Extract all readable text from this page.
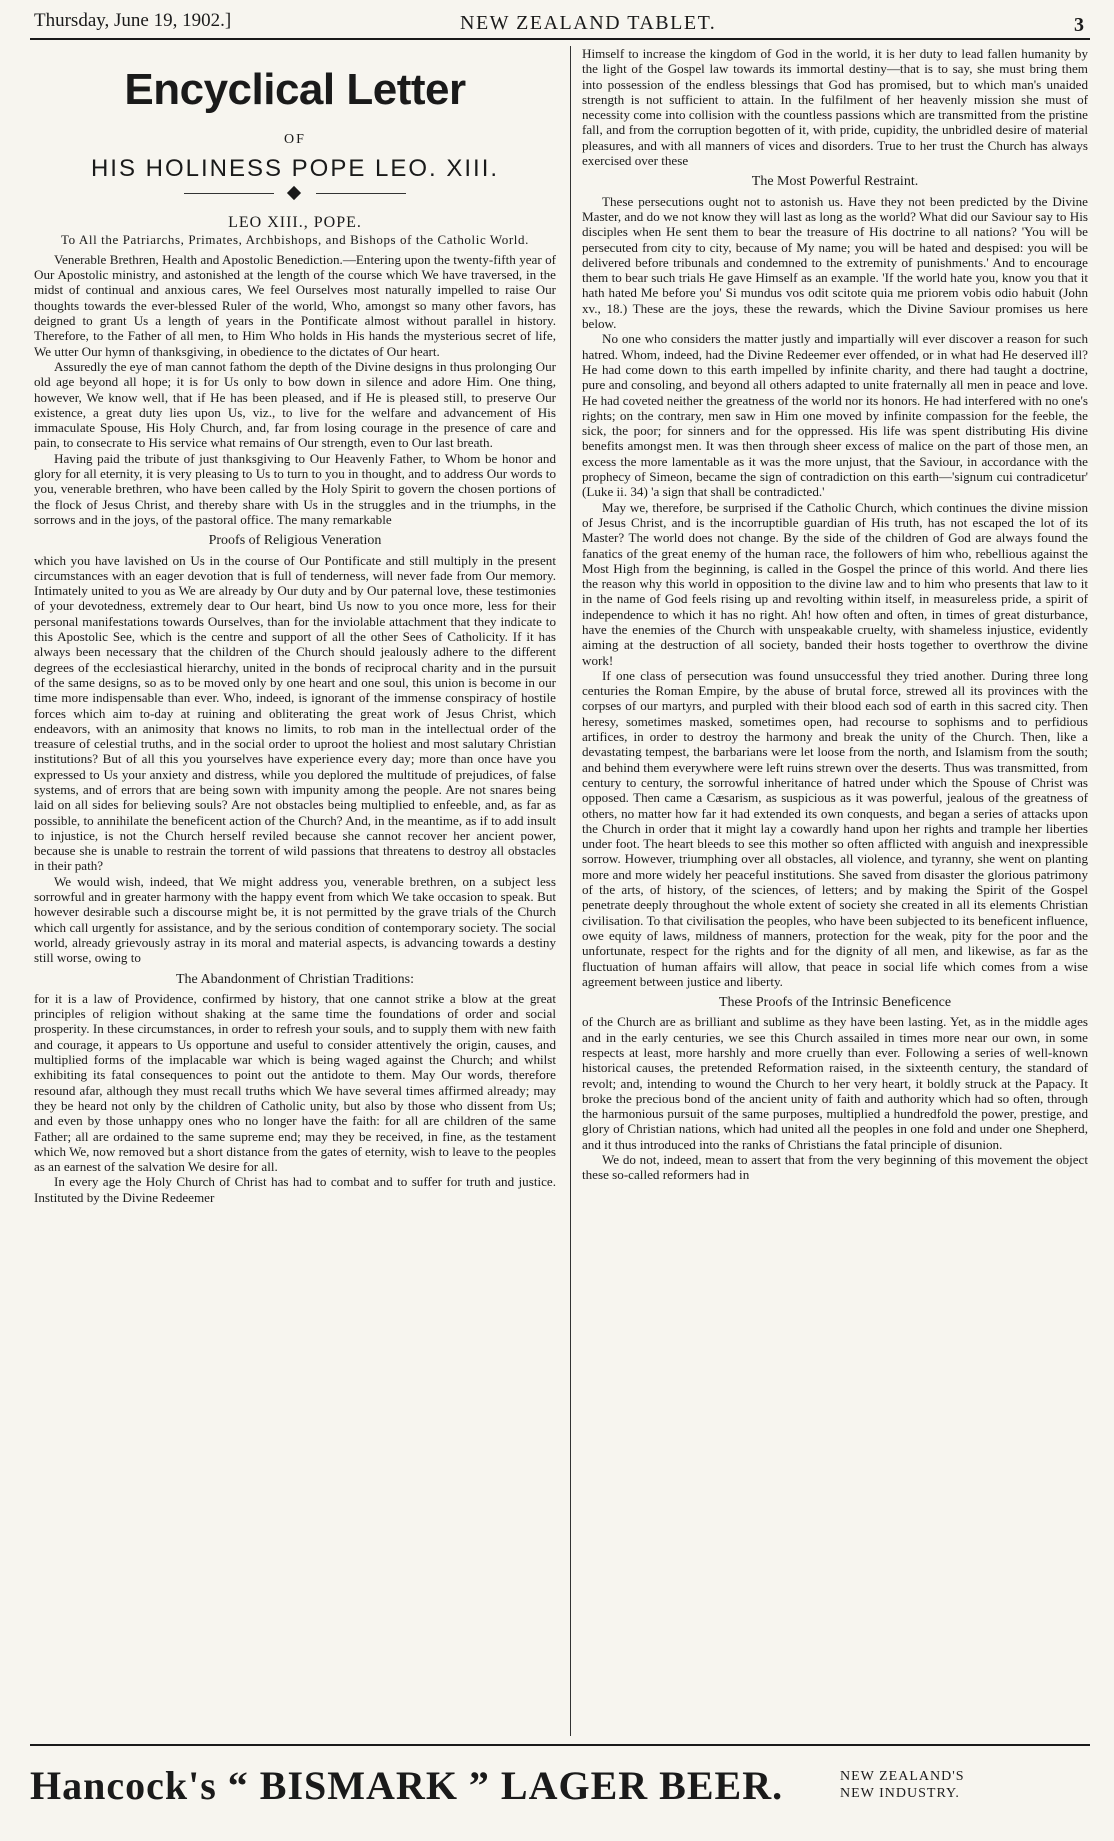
Thursday, June 19, 1902.]	NEW ZEALAND TABLET.	3
Encyclical Letter
OF
HIS HOLINESS POPE LEO. XIII.
LEO XIII., POPE.
To All the Patriarchs, Primates, Archbishops, and Bishops of the Catholic World.

Venerable Brethren, Health and Apostolic Benediction.—Entering upon the twenty-fifth year of Our Apostolic ministry, and astonished at the length of the course which We have traversed, in the midst of continual and anxious cares, We feel Ourselves most naturally impelled to raise Our thoughts towards the ever-blessed Ruler of the world, Who, amongst so many other favors, has deigned to grant Us a length of years in the Pontificate almost without parallel in history. Therefore, to the Father of all men, to Him Who holds in His hands the mysterious secret of life, We utter Our hymn of thanksgiving, in obedience to the dictates of Our heart.

Assuredly the eye of man cannot fathom the depth of the Divine designs in thus prolonging Our old age beyond all hope; it is for Us only to bow down in silence and adore Him. One thing, however, We know well, that if He has been pleased, and if He is pleased still, to preserve Our existence, a great duty lies upon Us, viz., to live for the welfare and advancement of His immaculate Spouse, His Holy Church, and, far from losing courage in the presence of care and pain, to consecrate to His service what remains of Our strength, even to Our last breath.

Having paid the tribute of just thanksgiving to Our Heavenly Father, to Whom be honor and glory for all eternity, it is very pleasing to Us to turn to you in thought, and to address Our words to you, venerable brethren, who have been called by the Holy Spirit to govern the chosen portions of the flock of Jesus Christ, and thereby share with Us in the struggles and in the triumphs, in the sorrows and in the joys, of the pastoral office. The many remarkable

Proofs of Religious Veneration

which you have lavished on Us in the course of Our Pontificate and still multiply in the present circumstances with an eager devotion that is full of tenderness, will never fade from Our memory. Intimately united to you as We are already by Our duty and by Our paternal love, these testimonies of your devotedness, extremely dear to Our heart, bind Us now to you once more, less for their personal manifestations towards Ourselves, than for the inviolable attachment that they indicate to this Apostolic See, which is the centre and support of all the other Sees of Catholicity. If it has always been necessary that the children of the Church should jealously adhere to the different degrees of the ecclesiastical hierarchy, united in the bonds of reciprocal charity and in the pursuit of the same designs, so as to be moved only by one heart and one soul, this union is become in our time more indispensable than ever. Who, indeed, is ignorant of the immense conspiracy of hostile forces which aim to-day at ruining and obliterating the great work of Jesus Christ, which endeavors, with an animosity that knows no limits, to rob man in the intellectual order of the treasure of celestial truths, and in the social order to uproot the holiest and most salutary Christian institutions? But of all this you yourselves have experience every day; more than once have you expressed to Us your anxiety and distress, while you deplored the multitude of prejudices, of false systems, and of errors that are being sown with impunity among the people. Are not snares being laid on all sides for believing souls? Are not obstacles being multiplied to enfeeble, and, as far as possible, to annihilate the beneficent action of the Church? And, in the meantime, as if to add insult to injustice, is not the Church herself reviled because she cannot recover her ancient power, because she is unable to restrain the torrent of wild passions that threatens to destroy all obstacles in their path?

We would wish, indeed, that We might address you, venerable brethren, on a subject less sorrowful and in greater harmony with the happy event from which We take occasion to speak. But however desirable such a discourse might be, it is not permitted by the grave trials of the Church which call urgently for assistance, and by the serious condition of contemporary society. The social world, already grievously astray in its moral and material aspects, is advancing towards a destiny still worse, owing to

The Abandonment of Christian Traditions:

for it is a law of Providence, confirmed by history, that one cannot strike a blow at the great principles of religion without shaking at the same time the foundations of order and social prosperity. In these circumstances, in order to refresh your souls, and to supply them with new faith and courage, it appears to Us opportune and useful to consider attentively the origin, causes, and multiplied forms of the implacable war which is being waged against the Church; and whilst exhibiting its fatal consequences to point out the antidote to them. May Our words, therefore resound afar, although they must recall truths which We have several times affirmed already; may they be heard not only by the children of Catholic unity, but also by those who dissent from Us; and even by those unhappy ones who no longer have the faith: for all are children of the same Father; all are ordained to the same supreme end; may they be received, in fine, as the testament which We, now removed but a short distance from the gates of eternity, wish to leave to the peoples as an earnest of the salvation We desire for all.

In every age the Holy Church of Christ has had to combat and to suffer for truth and justice. Instituted by the Divine Redeemer

Himself to increase the kingdom of God in the world, it is her duty to lead fallen humanity by the light of the Gospel law towards its immortal destiny—that is to say, she must bring them into possession of the endless blessings that God has promised, but to which man's unaided strength is not sufficient to attain. In the fulfilment of her heavenly mission she must of necessity come into collision with the countless passions which are transmitted from the pristine fall, and from the corruption begotten of it, with pride, cupidity, the unbridled desire of material pleasures, and with all manners of vices and disorders. True to her trust the Church has always exercised over these

The Most Powerful Restraint.

These persecutions ought not to astonish us. Have they not been predicted by the Divine Master, and do we not know they will last as long as the world? What did our Saviour say to His disciples when He sent them to bear the treasure of His doctrine to all nations? 'You will be persecuted from city to city, because of My name; you will be hated and despised: you will be delivered before tribunals and condemned to the extremity of punishments.' And to encourage them to bear such trials He gave Himself as an example. 'If the world hate you, know you that it hath hated Me before you' Si mundus vos odit scitote quia me priorem vobis odio habuit (John xv., 18.) These are the joys, these the rewards, which the Divine Saviour promises us here below.

No one who considers the matter justly and impartially will ever discover a reason for such hatred. Whom, indeed, had the Divine Redeemer ever offended, or in what had He deserved ill? He had come down to this earth impelled by infinite charity, and there had taught a doctrine, pure and consoling, and beyond all others adapted to unite fraternally all men in peace and love. He had coveted neither the greatness of the world nor its honors. He had interfered with no one's rights; on the contrary, men saw in Him one moved by infinite compassion for the feeble, the sick, the poor; for sinners and for the oppressed. His life was spent distributing His divine benefits amongst men. It was then through sheer excess of malice on the part of those men, an excess the more lamentable as it was the more unjust, that the Saviour, in accordance with the prophecy of Simeon, became the sign of contradiction on this earth—'signum cui contradicetur' (Luke ii. 34) 'a sign that shall be contradicted.'

May we, therefore, be surprised if the Catholic Church, which continues the divine mission of Jesus Christ, and is the incorruptible guardian of His truth, has not escaped the lot of its Master? The world does not change. By the side of the children of God are always found the fanatics of the great enemy of the human race, the followers of him who, rebellious against the Most High from the beginning, is called in the Gospel the prince of this world. And there lies the reason why this world in opposition to the divine law and to him who presents that law to it in the name of God feels rising up and revolting within itself, in measureless pride, a spirit of independence to which it has no right. Ah! how often and often, in times of great disturbance, have the enemies of the Church with unspeakable cruelty, with shameless injustice, evidently aiming at the destruction of all society, banded their hosts together to overthrow the divine work!

If one class of persecution was found unsuccessful they tried another. During three long centuries the Roman Empire, by the abuse of brutal force, strewed all its provinces with the corpses of our martyrs, and purpled with their blood each sod of earth in this sacred city. Then heresy, sometimes masked, sometimes open, had recourse to sophisms and to perfidious artifices, in order to destroy the harmony and break the unity of the Church. Then, like a devastating tempest, the barbarians were let loose from the north, and Islamism from the south; and behind them everywhere were left ruins strewn over the deserts. Thus was transmitted, from century to century, the sorrowful inheritance of hatred under which the Spouse of Christ was opposed. Then came a Cæsarism, as suspicious as it was powerful, jealous of the greatness of others, no matter how far it had extended its own conquests, and began a series of attacks upon the Church in order that it might lay a cowardly hand upon her rights and trample her liberties under foot. The heart bleeds to see this mother so often afflicted with anguish and inexpressible sorrow. However, triumphing over all obstacles, all violence, and tyranny, she went on planting more and more widely her peaceful institutions. She saved from disaster the glorious patrimony of the arts, of history, of the sciences, of letters; and by making the Spirit of the Gospel penetrate deeply throughout the whole extent of society she created in all its elements Christian civilisation. To that civilisation the peoples, who have been subjected to its beneficent influence, owe equity of laws, mildness of manners, protection for the weak, pity for the poor and the unfortunate, respect for the rights and for the dignity of all men, and likewise, as far as the fluctuation of human affairs will allow, that peace in social life which comes from a wise agreement between justice and liberty.

These Proofs of the Intrinsic Beneficence

of the Church are as brilliant and sublime as they have been lasting. Yet, as in the middle ages and in the early centuries, we see this Church assailed in times more near our own, in some respects at least, more harshly and more cruelly than ever. Following a series of well-known historical causes, the pretended Reformation raised, in the sixteenth century, the standard of revolt; and, intending to wound the Church to her very heart, it boldly struck at the Papacy. It broke the precious bond of the ancient unity of faith and authority which had so often, through the harmonious pursuit of the same purposes, multiplied a hundredfold the power, prestige, and glory of Christian nations, which had united all the peoples in one fold and under one Shepherd, and it thus introduced into the ranks of Christians the fatal principle of disunion.

We do not, indeed, mean to assert that from the very beginning of this movement the object these so-called reformers had in

Hancock's “ BISMARK ” LAGER BEER.	NEW ZEALAND'S
NEW INDUSTRY.
